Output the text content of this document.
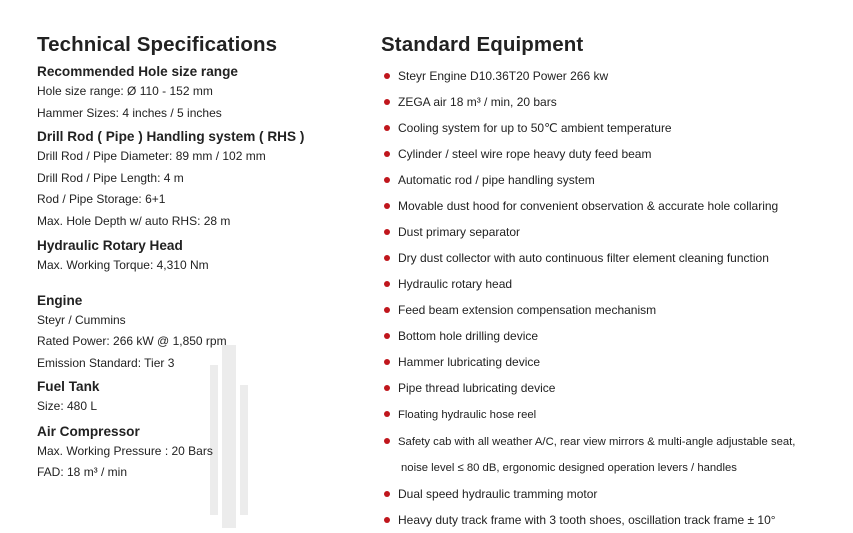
Technical Specifications
Recommended Hole size range
Hole size range: Ø 110 - 152 mm
Hammer Sizes: 4 inches / 5 inches
Drill Rod ( Pipe ) Handling system ( RHS )
Drill Rod / Pipe Diameter: 89 mm / 102 mm
Drill Rod / Pipe Length: 4 m
Rod / Pipe Storage: 6+1
Max. Hole Depth w/ auto RHS: 28 m
Hydraulic Rotary Head
Max. Working Torque: 4,310 Nm
Engine
Steyr / Cummins
Rated Power: 266 kW @ 1,850 rpm
Emission Standard: Tier 3
Fuel Tank
Size: 480 L
Air Compressor
Max. Working Pressure : 20 Bars
FAD: 18 m³ / min
Standard Equipment
Steyr Engine D10.36T20 Power 266 kw
ZEGA air 18 m³ / min, 20 bars
Cooling system for up to 50℃ ambient temperature
Cylinder / steel wire rope heavy duty feed beam
Automatic rod / pipe handling system
Movable dust hood for convenient observation & accurate hole collaring
Dust primary separator
Dry dust collector with auto continuous filter element cleaning function
Hydraulic rotary head
Feed beam extension compensation mechanism
Bottom hole drilling device
Hammer lubricating device
Pipe thread lubricating device
Floating hydraulic hose reel
Safety cab with all weather A/C, rear view mirrors & multi-angle adjustable seat,
noise level ≤ 80 dB, ergonomic designed operation levers / handles
Dual speed hydraulic tramming motor
Heavy duty track frame with 3 tooth shoes, oscillation track frame ± 10°
